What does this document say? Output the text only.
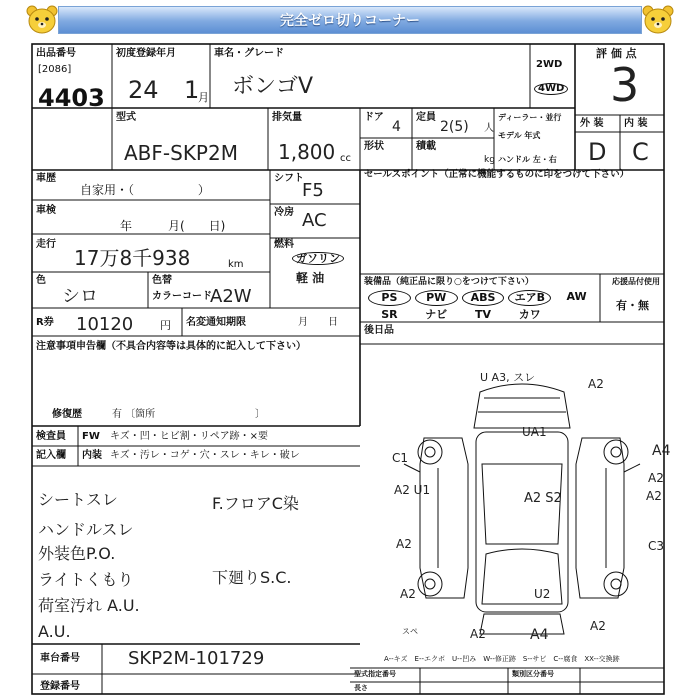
完全ゼロ切りコーナー
出品番号
[2086]
4403
初度登録年月
24 1
月
車名・グレード
ボンゴV
2WD
4WD
評 価 点
3
外 装 内 装
D C
型式
ABF-SKP2M
排気量
1,800 cc
ドア
4
定員
2(5) 人
形状	積載
kg
ディーラー・並行
モデル 年式
ハンドル 左・右
車歴
自家用・（ 　　　　　）
シフト
F5
車検
年　　　月(　　日)
冷房 AC
走行
17万8千938	km
燃料
ガソリン
軽 油
色
シロ
色替
カラーコード
A2W
R券 10120 円 名変通知期限	月　　日
注意事項申告欄（不具合内容等は具体的に記入して下さい）
修復歴	有 〔箇所　　　　　　　　　　〕
セールスポイント（正常に機能するものに印をつけて下さい）
装備品（純正品に限り○をつけて下さい）	応援品付使用
有・無
PS	PW	ABS	エアB	AW
SR	ナビ	TV	カワ
後日品
検査員
記入欄
FW キズ・凹・ヒビ割・リペア跡・×要
内装 キズ・汚レ・コゲ・穴・スレ・キレ・破レ
シートスレ
ハンドルスレ
外装色P.O.
ライトくもり
荷室汚れ A.U.
A.U.
F.フロアC染
下廻りS.C.
U A3, スレ	A2
UA1
A4
C1
A2
A2 U1
A2 S2	A2
A2	C3
U2
A2
スペ	A2	A4
A2
車台番号	SKP2M-101729
登録番号
A--キズ　E--エクボ　U--凹み　W--修正跡　S--サビ　C--腐食　XX--交換跡
型式指定番号	類別区分番号
長さ
